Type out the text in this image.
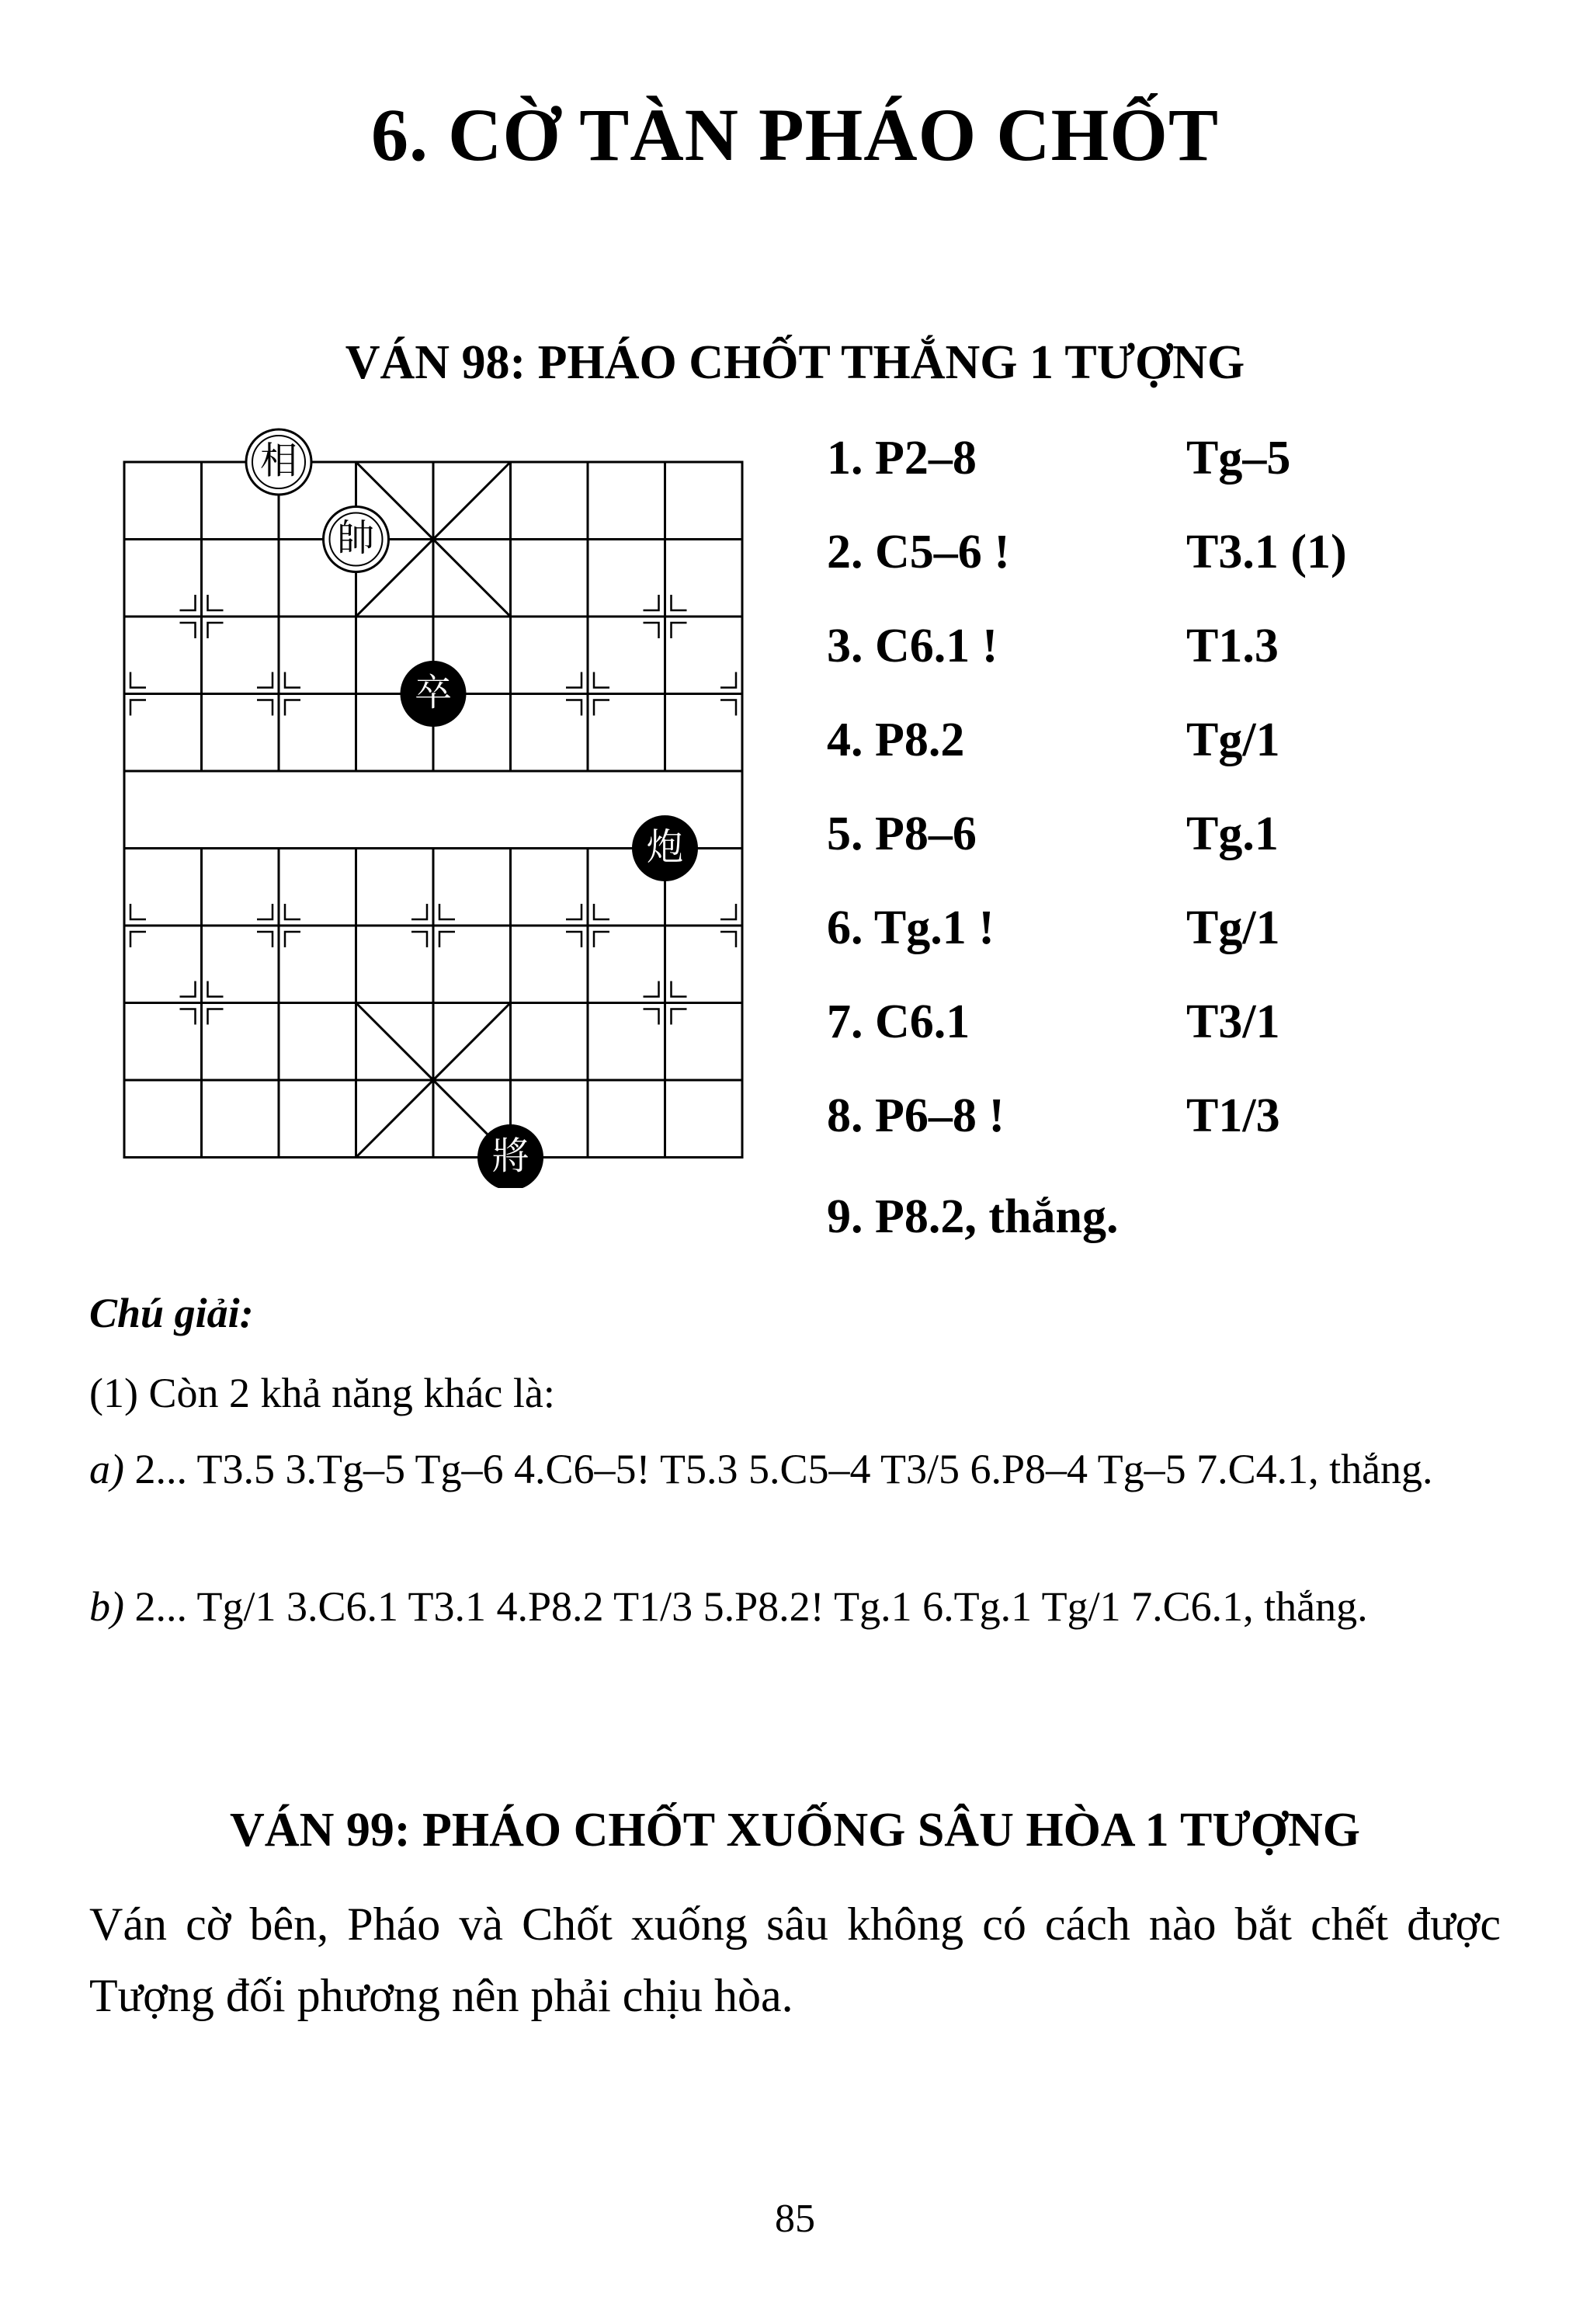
6. CỜ TÀN PHÁO CHỐT
VÁN 98: PHÁO CHỐT THẮNG 1 TƯỢNG
相
帥
卒
炮
將
1. P2–8	Tg–5
2. C5–6 !	T3.1 (1)
3. C6.1 !	T1.3
4. P8.2	Tg/1
5. P8–6	Tg.1
6. Tg.1 !	Tg/1
7. C6.1	T3/1
8. P6–8 !	T1/3
9. P8.2, thắng.
Chú giải:
(1) Còn 2 khả năng khác là:
a) 2... T3.5 3.Tg–5 Tg–6 4.C6–5! T5.3 5.C5–4 T3/5 6.P8–4 Tg–5 7.C4.1, thắng.
b) 2... Tg/1 3.C6.1 T3.1 4.P8.2 T1/3 5.P8.2! Tg.1 6.Tg.1 Tg/1 7.C6.1, thắng.
VÁN 99: PHÁO CHỐT XUỐNG SÂU HÒA 1 TƯỢNG
Ván cờ bên, Pháo và Chốt xuống sâu không có cách nào bắt chết được Tượng đối phương nên phải chịu hòa.
85
